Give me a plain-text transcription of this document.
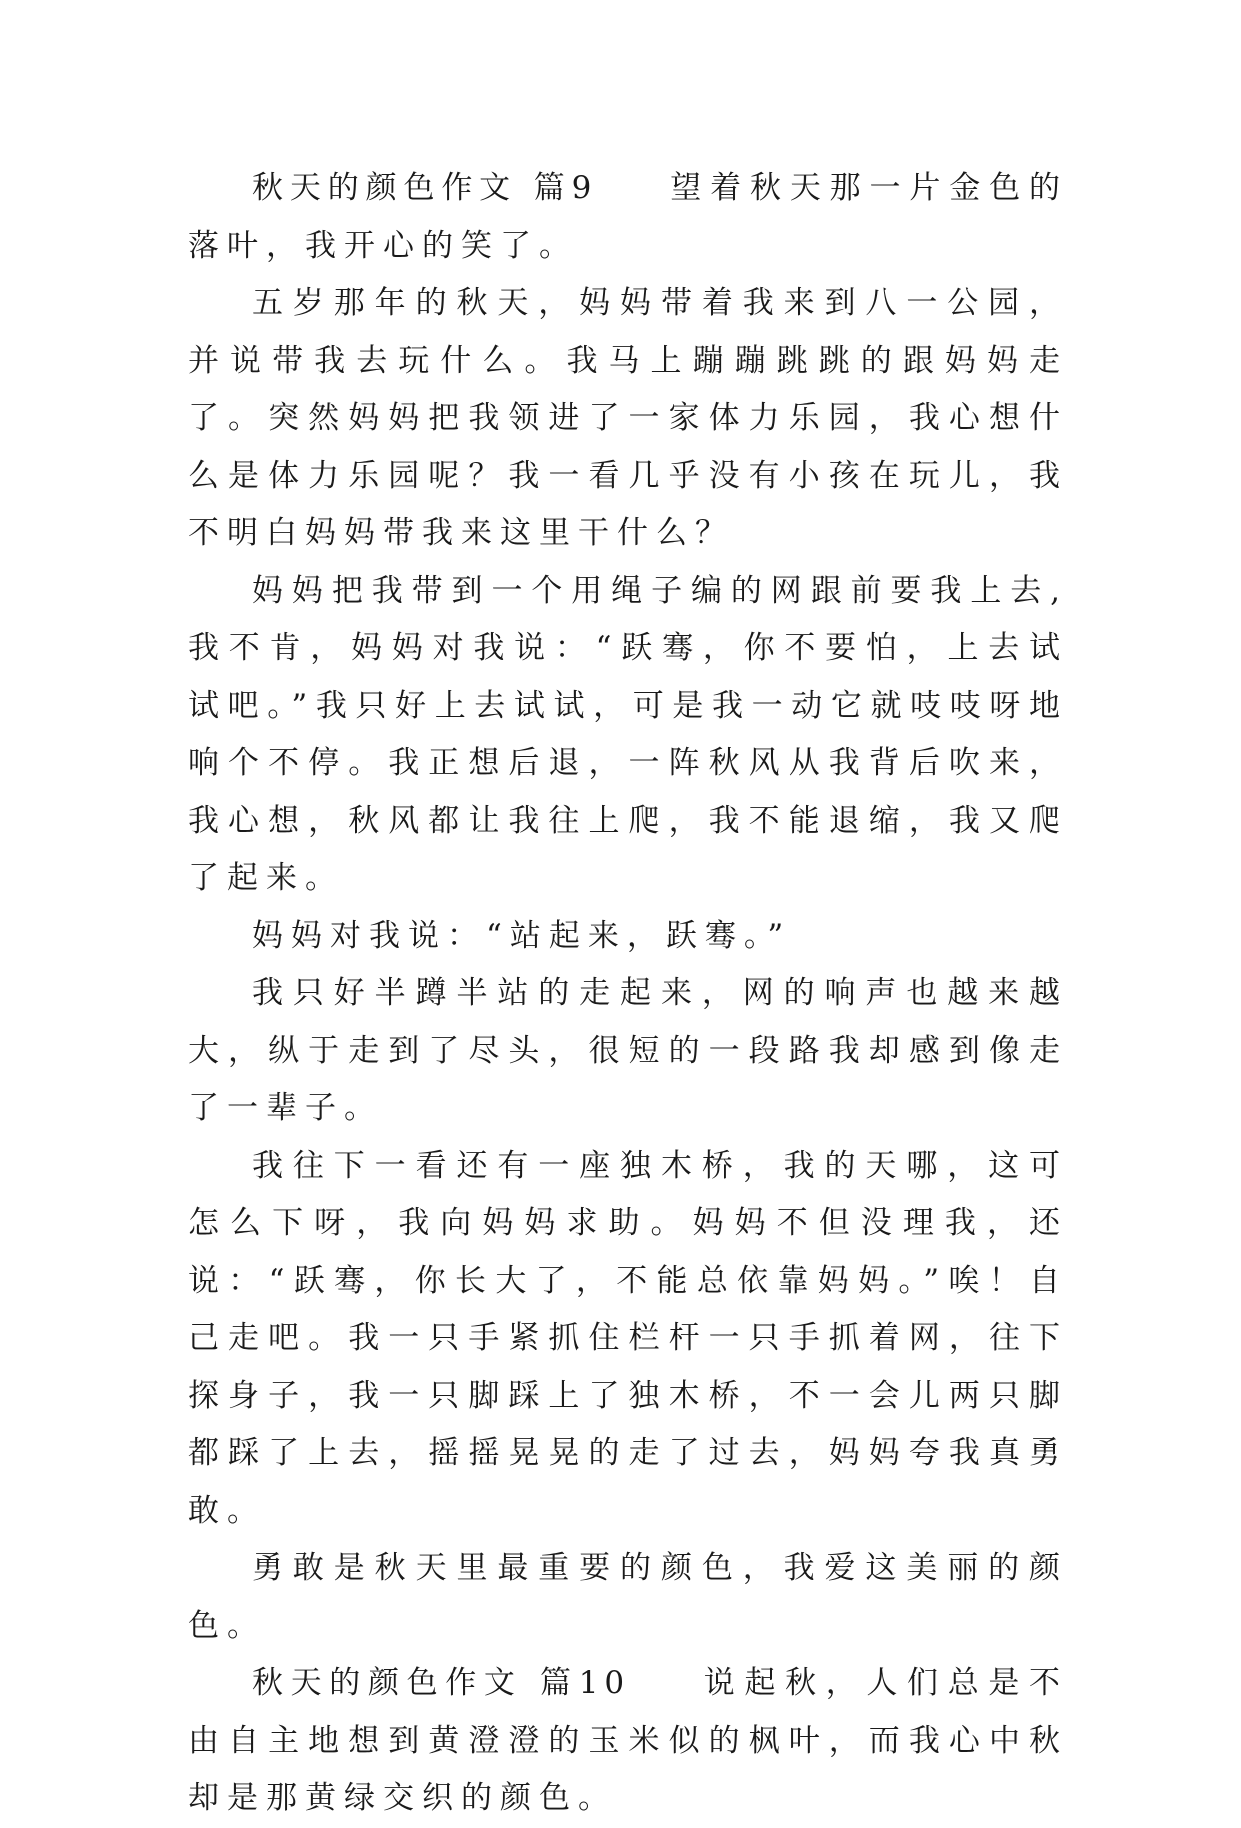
秋天的颜色作文 篇9 望着秋天那一片金色的落叶，我开心的笑了。

五岁那年的秋天，妈妈带着我来到八一公园，并说带我去玩什么。我马上蹦蹦跳跳的跟妈妈走了。突然妈妈把我领进了一家体力乐园，我心想什么是体力乐园呢？我一看几乎没有小孩在玩儿，我不明白妈妈带我来这里干什么？

妈妈把我带到一个用绳子编的网跟前要我上去,我不肯，妈妈对我说：“跃骞，你不要怕，上去试试吧。”我只好上去试试，可是我一动它就吱吱呀地响个不停。我正想后退，一阵秋风从我背后吹来，我心想，秋风都让我往上爬，我不能退缩，我又爬了起来。

妈妈对我说：“站起来，跃骞。”

我只好半蹲半站的走起来，网的响声也越来越大，纵于走到了尽头，很短的一段路我却感到像走了一辈子。

我往下一看还有一座独木桥，我的天哪，这可怎么下呀，我向妈妈求助。妈妈不但没理我，还说：“跃骞，你长大了，不能总依靠妈妈。”唉！自己走吧。我一只手紧抓住栏杆一只手抓着网，往下探身子，我一只脚踩上了独木桥，不一会儿两只脚都踩了上去，摇摇晃晃的走了过去，妈妈夸我真勇敢。

勇敢是秋天里最重要的颜色，我爱这美丽的颜色。

秋天的颜色作文 篇10 说起秋，人们总是不由自主地想到黄澄澄的玉米似的枫叶，而我心中秋却是那黄绿交织的颜色。
